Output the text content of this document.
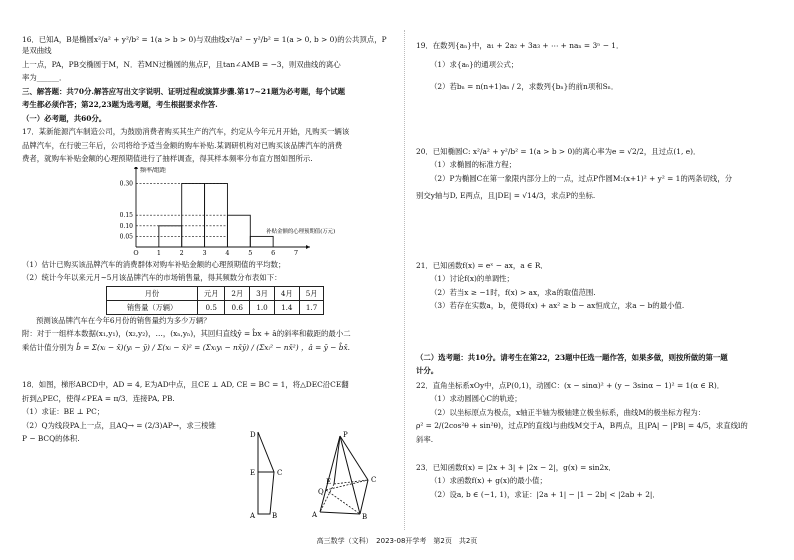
16．已知A，B是椭圆x²/a² + y²/b² = 1(a > b > 0)与双曲线x²/a² − y²/b² = 1(a > 0, b > 0)的公共顶点，P是双曲线

上一点，PA，PB交椭圆于M，N．若MN过椭圆的焦点F，且tan∠AMB = −3，则双曲线的离心

率为______．

三、解答题：共70分.解答应写出文字说明、证明过程或演算步骤.第17~21题为必考题，每个试题

考生都必须作答；第22,23题为选考题，考生根据要求作答.

（一）必考题，共60分。

17．某新能源汽车制造公司，为鼓励消费者购买其生产的汽车，约定从今年元月开始，凡购买一辆该

品牌汽车，在行驶三年后，公司将给予适当金额的购车补贴.某调研机构对已购买该品牌汽车的消费

费者，就购车补贴金额的心理预期值进行了抽样调查，得其样本频率分布直方图如图所示.

频率/组距
补贴金额的心理预期值(万元)
0.05
0.10
0.15
0.30
O	1	2	3	4	5	6	7

（1）估计已购买该品牌汽车的消费群体对购车补贴金额的心理预期值的平均数；

（2）统计今年以来元月~5月该品牌汽车的市场销售量，得其频数分布表如下：

月份	元月	2月	3月	4月	5月
销售量（万辆）	0.5	0.6	1.0	1.4	1.7

预测该品牌汽车在今年6月份的销售量约为多少万辆？

附：对于一组样本数据(x₁,y₁)，(x₂,y₂)，…，(xₙ,yₙ)，其回归直线ŷ = b̂x + â的斜率和截距的最小二

乘估计值分别为 b̂ = Σ(xᵢ − x̄)(yᵢ − ȳ) / Σ(xᵢ − x̄)² = (Σxᵢyᵢ − nx̄ȳ) / (Σxᵢ² − nx̄²) ，â = ȳ − b̂x̄.

18．如图，梯形ABCD中，AD = 4, E为AD中点，且CE ⊥ AD, CE = BC = 1，将△DEC沿CE翻

折到△PEC，使得∠PEA = π/3．连接PA, PB.

（1）求证：BE ⊥ PC；

（2）Q为线段PA上一点，且AQ→ = (2/3)AP→，求三棱锥

P − BCQ的体积.	D
E	C
A B
P
E	C
Q
A	B

19．在数列{aₙ}中，a₁ + 2a₂ + 3a₃ + ⋯ + naₙ = 3ⁿ − 1．

（1）求{aₙ}的通项公式；

（2）若bₙ = n(n+1)aₙ / 2，求数列{bₙ}的前n项和Sₙ．

20．已知椭圆C: x²/a² + y²/b² = 1(a > b > 0)的离心率为e = √2/2，且过点(1, e)．

（1）求椭圆的标准方程；

（2）P为椭圆C在第一象限内部分上的一点，过点P作圆M:(x+1)² + y² = 1的两条切线，分

别交y轴与D, E两点，且|DE| = √14/3，求点P的坐标.

21．已知函数f(x) = eˣ − ax，a ∈ R．

（1）讨论f(x)的单调性；

（2）若当x ≥ −1时，f(x) > ax，求a的取值范围.

（3）若存在实数a，b，使得f(x) + ax² ≥ b − ax恒成立，求a − b的最小值.

（二）选考题：共10分。请考生在第22，23题中任选一题作答，如果多做，则按所做的第一题

计分。

22．直角坐标系xOy中，点P(0,1)，动圆C：(x − sinα)² + (y − 3sinα − 1)² = 1(α ∈ R)．

（1）求动圆圆心C的轨迹；

（2）以坐标原点为极点，x轴正半轴为极轴建立极坐标系，曲线M的极坐标方程为：

ρ² = 2/(2cos²θ + sin²θ)，过点P的直线l与曲线M交于A，B两点，且|PA| − |PB| = 4/5，求直线l的

斜率.

23．已知函数f(x) = |2x + 3| + |2x − 2|，g(x) = sin2x．

（1）求函数f(x) + g(x)的最小值；

（2）设a, b ∈ (−1, 1)，求证：|2a + 1| − |1 − 2b| < |2ab + 2|．

高三数学（文科）　2023-08开学考　第2页　共2页
